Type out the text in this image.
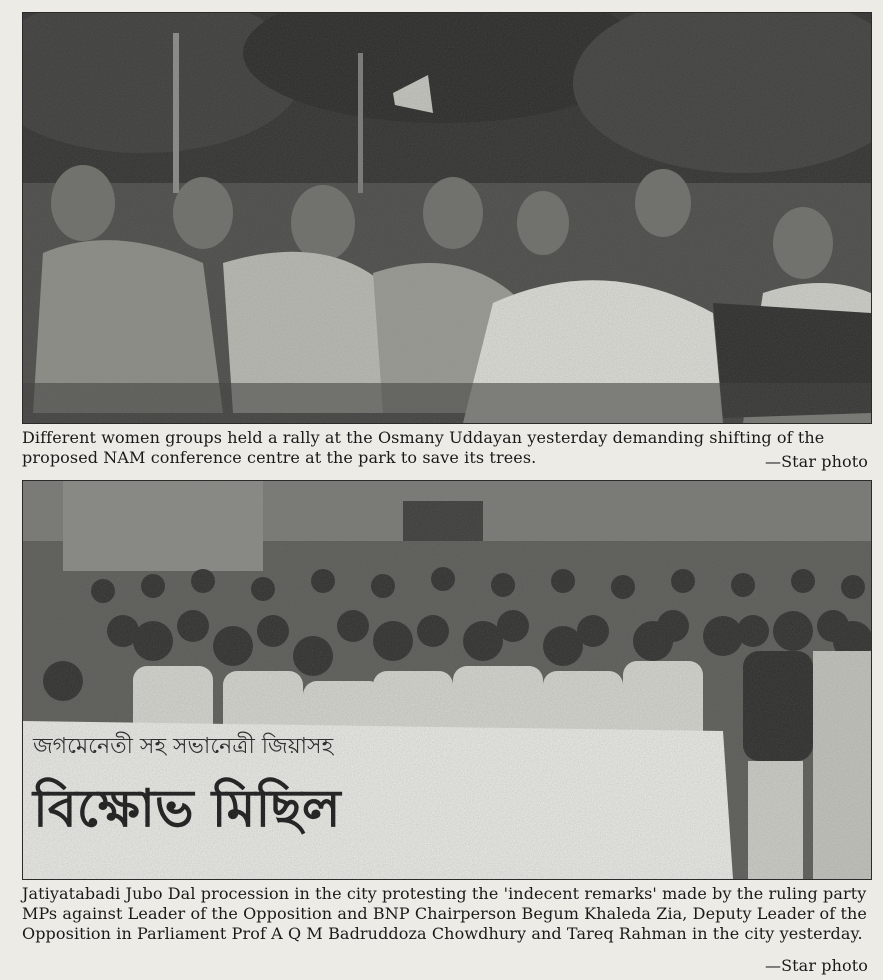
Different women groups held a rally at the Osmany Uddayan yesterday demanding shifting of the proposed NAM conference centre at the park to save its trees.	—Star photo
Jatiyatabadi Jubo Dal procession in the city protesting the 'indecent remarks' made by the ruling party MPs against Leader of the Opposition and BNP Chairperson Begum Khaleda Zia, Deputy Leader of the Opposition in Parliament Prof A Q M Badruddoza Chowdhury and Tareq Rahman in the city yesterday.
—Star photo
